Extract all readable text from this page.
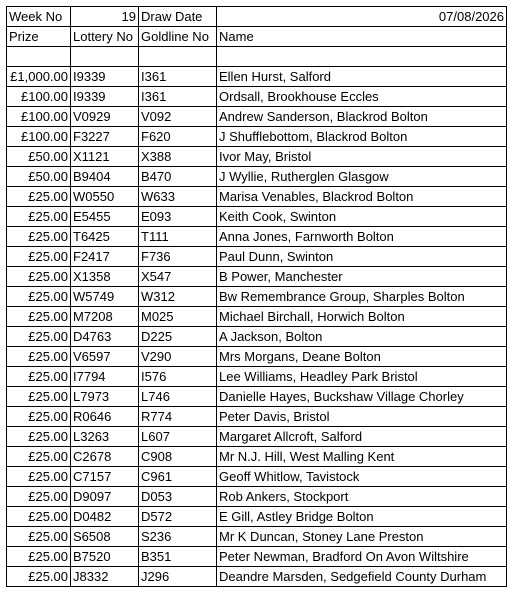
Week No	19	Draw Date	07/08/2026
Prize	Lottery No	Goldline No	Name

£1,000.00	I9339	I361	Ellen Hurst, Salford
£100.00	I9339	I361	Ordsall, Brookhouse Eccles
£100.00	V0929	V092	Andrew Sanderson, Blackrod Bolton
£100.00	F3227	F620	J Shufflebottom, Blackrod Bolton
£50.00	X1121	X388	Ivor May, Bristol
£50.00	B9404	B470	J Wyllie, Rutherglen Glasgow
£25.00	W0550	W633	Marisa Venables, Blackrod Bolton
£25.00	E5455	E093	Keith Cook, Swinton
£25.00	T6425	T111	Anna Jones, Farnworth Bolton
£25.00	F2417	F736	Paul Dunn, Swinton
£25.00	X1358	X547	B Power, Manchester
£25.00	W5749	W312	Bw Remembrance Group, Sharples Bolton
£25.00	M7208	M025	Michael Birchall, Horwich Bolton
£25.00	D4763	D225	A Jackson, Bolton
£25.00	V6597	V290	Mrs Morgans, Deane Bolton
£25.00	I7794	I576	Lee Williams, Headley Park Bristol
£25.00	L7973	L746	Danielle Hayes, Buckshaw Village Chorley
£25.00	R0646	R774	Peter Davis, Bristol
£25.00	L3263	L607	Margaret Allcroft, Salford
£25.00	C2678	C908	Mr N.J. Hill, West Malling Kent
£25.00	C7157	C961	Geoff Whitlow, Tavistock
£25.00	D9097	D053	Rob Ankers, Stockport
£25.00	D0482	D572	E Gill, Astley Bridge Bolton
£25.00	S6508	S236	Mr K Duncan, Stoney Lane Preston
£25.00	B7520	B351	Peter Newman, Bradford On Avon Wiltshire
£25.00	J8332	J296	Deandre Marsden, Sedgefield County Durham
